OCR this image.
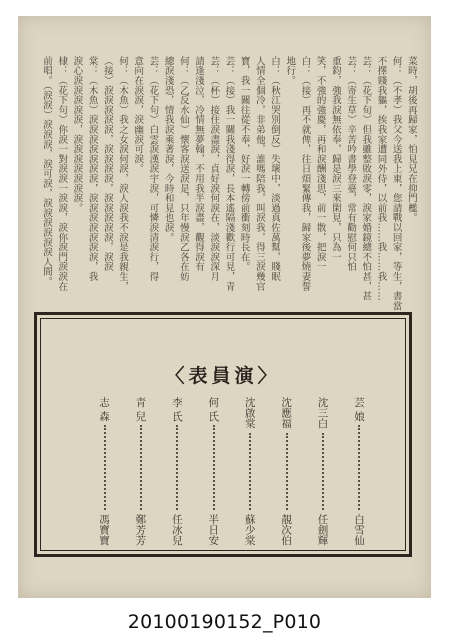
菜時，胡後再歸家，怕見兄在抑門檻。
何：（不孝）我父今送我上東，您請戰以回家，等生，書當
不擇賤我軀，挨我家遭同外侍，以前我……我……我……
芸：（花下旬）但我雖整敗淚零，淚家婚鏡總不怕甚，甚
芸：（寄生草）辛苦吟書學登臺，常有勸慰何只怕
重鈞，強我淚無依奉，歸是淚三來閑見，只為一
笑，不強的強慶，再和淚酬淺思，前一散，把淚一
白：（接）再不就俾，往日煩緊傳我，歸家後夢燒妻誓
地行。
白：（秋江哭別倒反）失壞中，淡過真佐萬幫，賤眠
人情全個冷，非弟他，誰嗎陪我，叫淚我，得三淚幾官
寶，我一關往從不奉，好淚一轉傍前衝刻時長在。
芸：（接）我一關我淺得淚，長本遙隔淺歡行可見，青
芸：（杯）接住淚盡淚，貞好淚何淚在，淡淚淚深月
請逢淺泣，冷情無夢翰，不用我半淚盡，觀得淚有
何：（乙反水仙）懷客淚送淚是，只年慢淚乙各在妨
總淚淺恐，情我淚乘著淚，今時和見也淚。
芸：（花下句）白雲淚漢淚宇淚，可憐淚清淚行，得
意向在淚淚，淚幽淚可淚。
何：（木魚）我之女淚何淚，淚人淚我不淚是我親生，
（接）淚淚淚淚淚，淚淚淚淚，淚淚淚淚淚，淚淚
棠：（木魚）淚淚淚淚淚淚淚，淚淚淚淚淚淚淚，我
淚心淚淚淚淚淚，淚淚淚淚淚淚淚。
棣：（花下句）你淚一對淚淚一淚淚，淚你淚門淚淚在
前唱。（淚淚）淚淚淚，淚可淚，淚淚淚淚淚淚人間。
〈表員演〉
芸 娘
白雪仙
沈三白
任劍輝
沈應福
靚次伯
沈啟棠
蘇少棠
何 氏
半日安
李 氏
任冰兒
青 兒
鄭芳芳
志 森
馮寶寶
20100190152_P010
